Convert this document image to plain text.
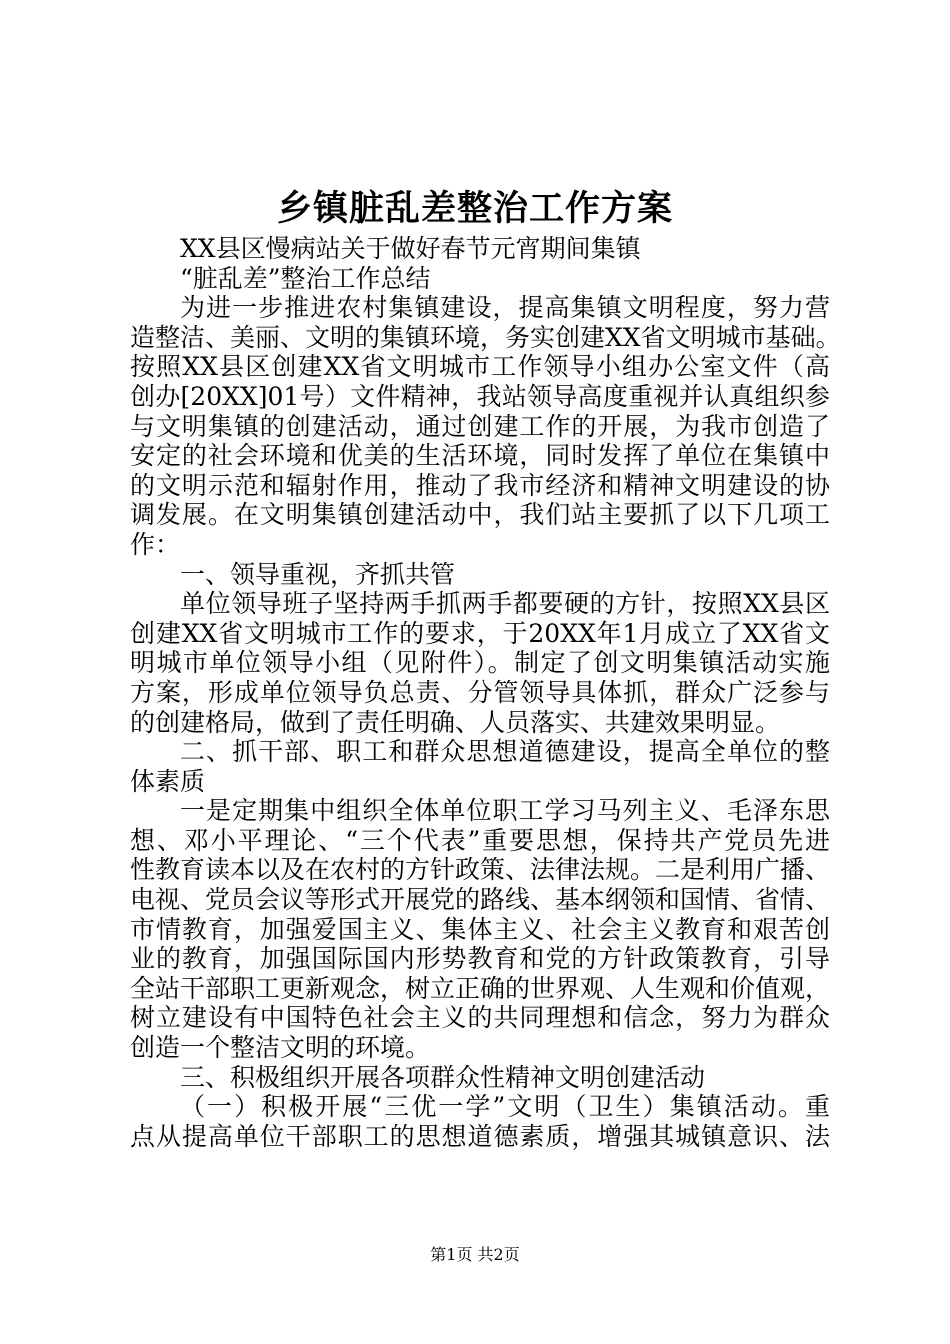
乡镇脏乱差整治工作方案
XX县区慢病站关于做好春节元宵期间集镇
“脏乱差”整治工作总结
为进一步推进农村集镇建设，提高集镇文明程度，努力营
造整洁、美丽、文明的集镇环境，务实创建XX省文明城市基础。
按照XX县区创建XX省文明城市工作领导小组办公室文件（高
创办[20XX]01号）文件精神，我站领导高度重视并认真组织参
与文明集镇的创建活动，通过创建工作的开展，为我市创造了
安定的社会环境和优美的生活环境，同时发挥了单位在集镇中
的文明示范和辐射作用，推动了我市经济和精神文明建设的协
调发展。在文明集镇创建活动中，我们站主要抓了以下几项工
作：
一、领导重视，齐抓共管
单位领导班子坚持两手抓两手都要硬的方针，按照XX县区
创建XX省文明城市工作的要求，于20XX年1月成立了XX省文
明城市单位领导小组（见附件）。制定了创文明集镇活动实施
方案，形成单位领导负总责、分管领导具体抓，群众广泛参与
的创建格局，做到了责任明确、人员落实、共建效果明显。
二、抓干部、职工和群众思想道德建设，提高全单位的整
体素质
一是定期集中组织全体单位职工学习马列主义、毛泽东思
想、邓小平理论、“三个代表”重要思想，保持共产党员先进
性教育读本以及在农村的方针政策、法律法规。二是利用广播、
电视、党员会议等形式开展党的路线、基本纲领和国情、省情、
市情教育，加强爱国主义、集体主义、社会主义教育和艰苦创
业的教育，加强国际国内形势教育和党的方针政策教育，引导
全站干部职工更新观念，树立正确的世界观、人生观和价值观，
树立建设有中国特色社会主义的共同理想和信念，努力为群众
创造一个整洁文明的环境。
三、积极组织开展各项群众性精神文明创建活动
（一）积极开展“三优一学”文明（卫生）集镇活动。重
点从提高单位干部职工的思想道德素质，增强其城镇意识、法
第1页 共2页
